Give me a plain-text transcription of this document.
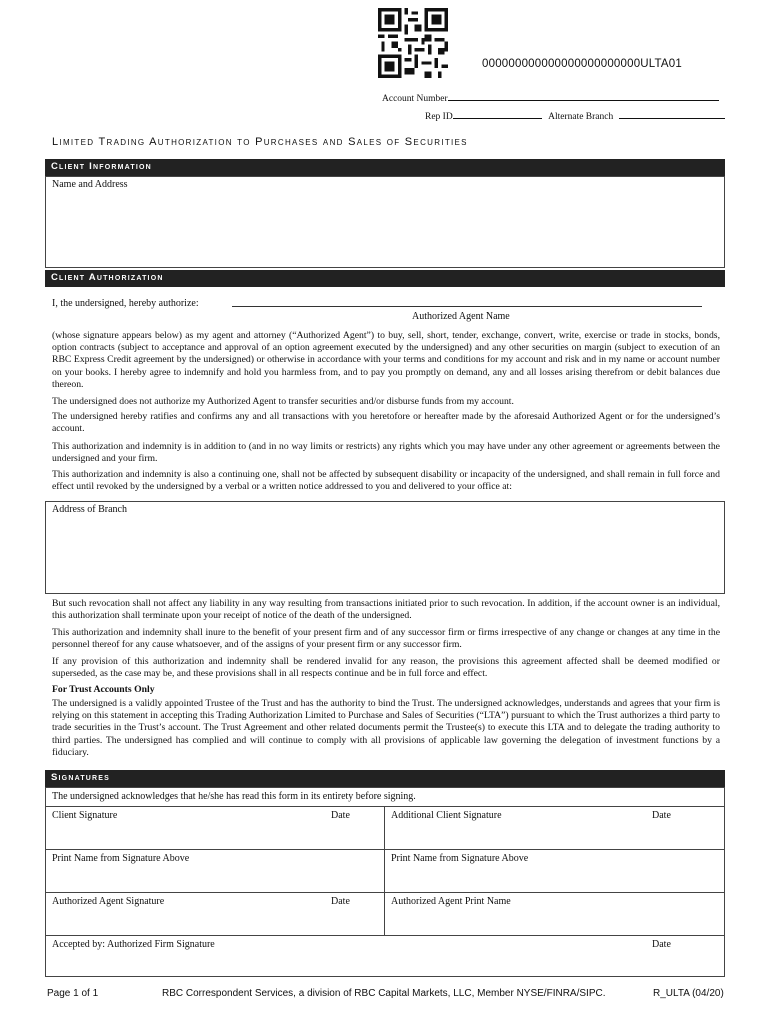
000000000000000000000000ULTA01
Account Number
Rep ID	Alternate Branch
Limited Trading Authorization to Purchases and Sales of Securities
Client Information
Name and Address
Client Authorization
I, the undersigned, hereby authorize:
Authorized Agent Name
(whose signature appears below) as my agent and attorney (“Authorized Agent”) to buy, sell, short, tender, exchange, convert, write, exercise or trade in stocks, bonds, option contracts (subject to acceptance and approval of an option agreement executed by the undersigned) and any other securities on margin (subject to execution of an RBC Express Credit agreement by the undersigned) or otherwise in accordance with your terms and conditions for my account and risk and in my name or account number on your books. I hereby agree to indemnify and hold you harmless from, and to pay you promptly on demand, any and all losses arising therefrom or debit balances due thereon.
The undersigned does not authorize my Authorized Agent to transfer securities and/or disburse funds from my account.
The undersigned hereby ratifies and confirms any and all transactions with you heretofore or hereafter made by the aforesaid Authorized Agent or for the undersigned’s account.
This authorization and indemnity is in addition to (and in no way limits or restricts) any rights which you may have under any other agreement or agreements between the undersigned and your firm.
This authorization and indemnity is also a continuing one, shall not be affected by subsequent disability or incapacity of the undersigned, and shall remain in full force and effect until revoked by the undersigned by a verbal or a written notice addressed to you and delivered to your office at:
Address of Branch
But such revocation shall not affect any liability in any way resulting from transactions initiated prior to such revocation. In addition, if the account owner is an individual, this authorization shall terminate upon your receipt of notice of the death of the undersigned.
This authorization and indemnity shall inure to the benefit of your present firm and of any successor firm or firms irrespective of any change or changes at any time in the personnel thereof for any cause whatsoever, and of the assigns of your present firm or any successor firm.
If any provision of this authorization and indemnity shall be rendered invalid for any reason, the provisions this agreement affected shall be deemed modified or superseded, as the case may be, and these provisions shall in all respects continue and be in full force and effect.
For Trust Accounts Only
The undersigned is a validly appointed Trustee of the Trust and has the authority to bind the Trust. The undersigned acknowledges, understands and agrees that your firm is relying on this statement in accepting this Trading Authorization Limited to Purchase and Sales of Securities (“LTA”) pursuant to which the Trust authorizes a third party to trade securities in the Trust’s account. The Trust Agreement and other related documents permit the Trustee(s) to execute this LTA and to delegate the trading authority to third parties. The undersigned has complied and will continue to comply with all provisions of applicable law governing the delegation of investment functions by a fiduciary.
Signatures
The undersigned acknowledges that he/she has read this form in its entirety before signing.
Client Signature	Date	Additional Client Signature	Date
Print Name from Signature Above	Print Name from Signature Above
Authorized Agent Signature	Date	Authorized Agent Print Name
Accepted by: Authorized Firm Signature	Date
Page 1 of 1	RBC Correspondent Services, a division of RBC Capital Markets, LLC, Member NYSE/FINRA/SIPC.	R_ULTA (04/20)
